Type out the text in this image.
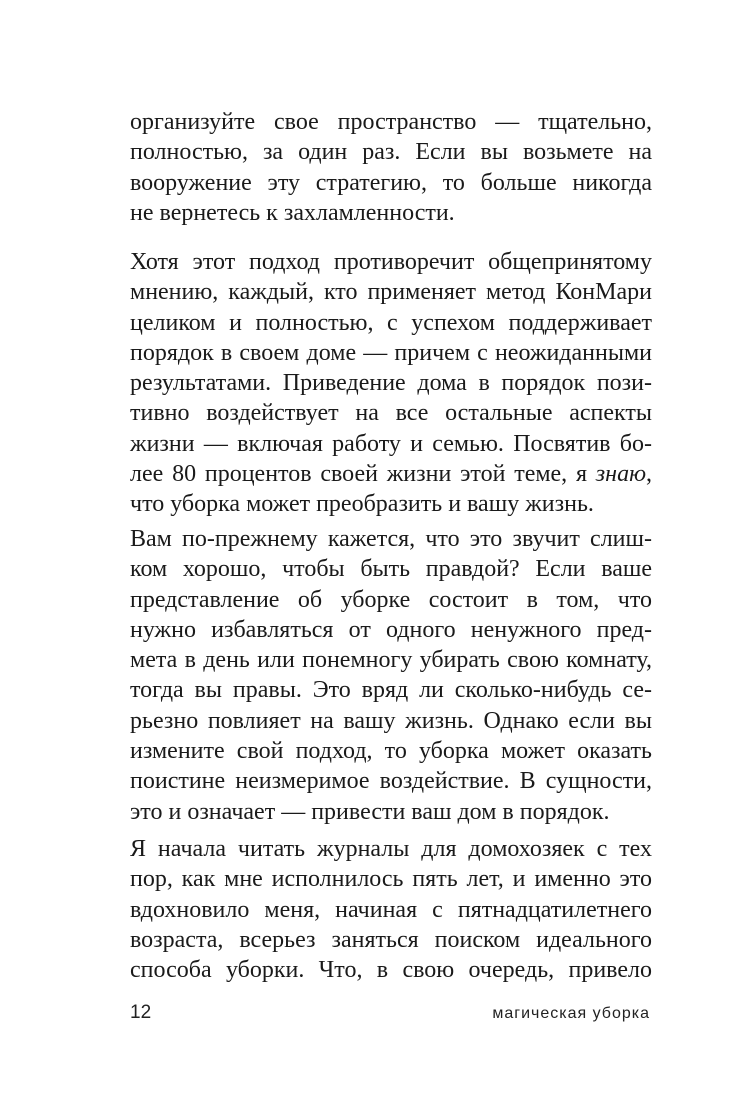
организуйте свое пространство — тщательно,
полностью, за один раз. Если вы возьмете на
вооружение эту стратегию, то больше никогда
не вернетесь к захламленности.
Хотя этот подход противоречит общепринятому
мнению, каждый, кто применяет метод КонМари
целиком и полностью, с успехом поддерживает
порядок в своем доме — причем с неожиданными
результатами. Приведение дома в порядок пози-
тивно воздействует на все остальные аспекты
жизни — включая работу и семью. Посвятив бо-
лее 80 процентов своей жизни этой теме, я знаю,
что уборка может преобразить и вашу жизнь.
Вам по-прежнему кажется, что это звучит слиш-
ком хорошо, чтобы быть правдой? Если ваше
представление об уборке состоит в том, что
нужно избавляться от одного ненужного пред-
мета в день или понемногу убирать свою комнату,
тогда вы правы. Это вряд ли сколько-нибудь се-
рьезно повлияет на вашу жизнь. Однако если вы
измените свой подход, то уборка может оказать
поистине неизмеримое воздействие. В сущности,
это и означает — привести ваш дом в порядок.
Я начала читать журналы для домохозяек с тех
пор, как мне исполнилось пять лет, и именно это
вдохновило меня, начиная с пятнадцатилетнего
возраста, всерьез заняться поиском идеального
способа уборки. Что, в свою очередь, привело
12	магическая уборка
